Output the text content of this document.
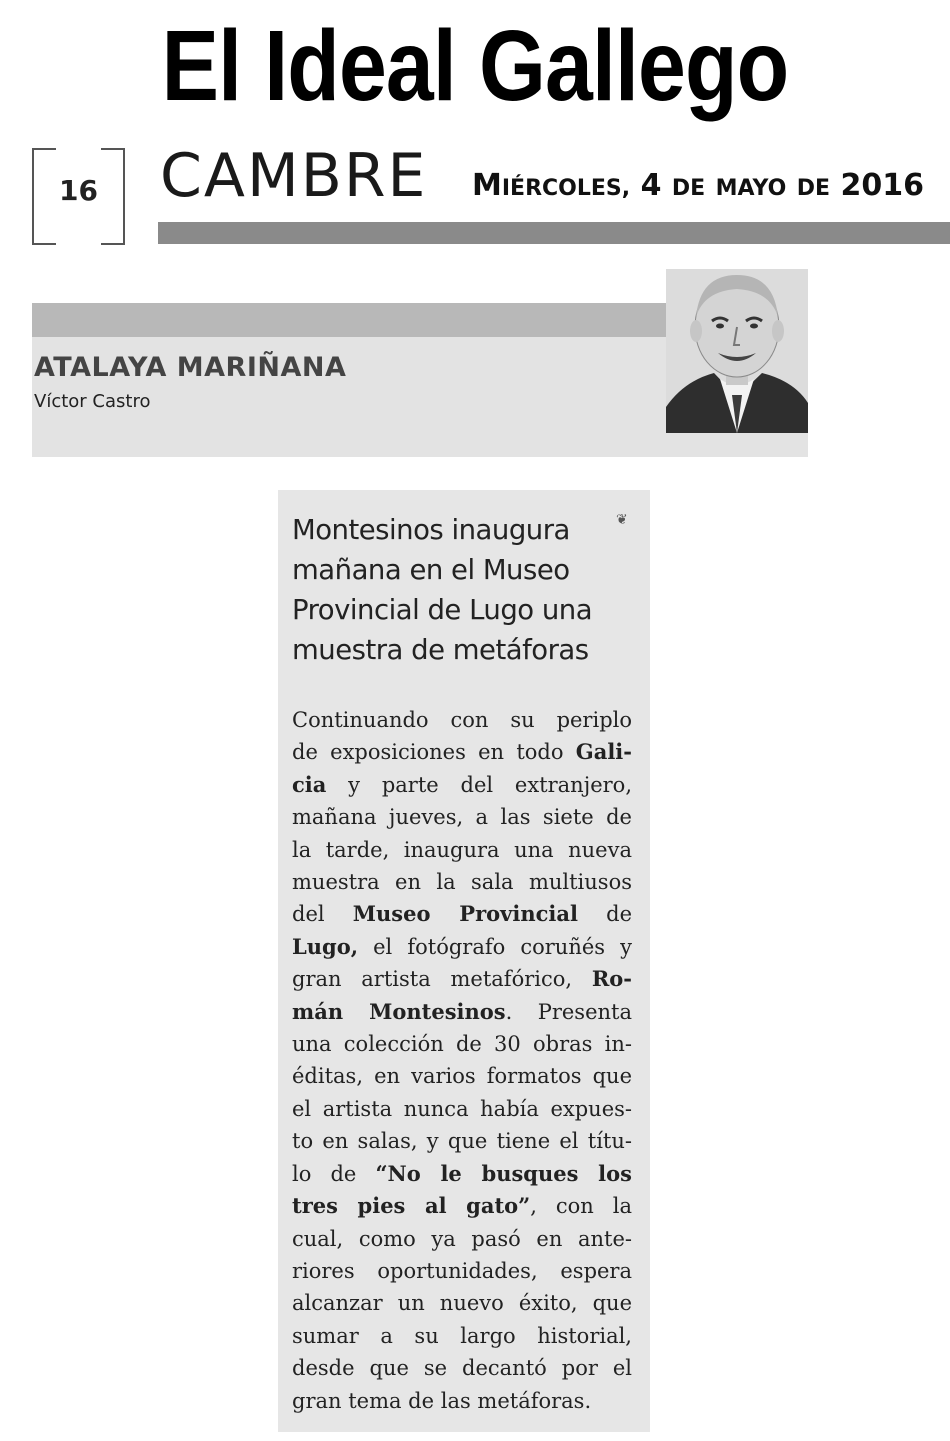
El Ideal Gallego
16	CAMBRE MIÉRCOLES, 4 DE MAYO DE 2016
ATALAYA MARIÑANA
Víctor Castro
❦
Montesinos inaugura
mañana en el Museo
Provincial de Lugo una
muestra de metáforas
Continuando con su periplo
de exposiciones en todo Gali-
cia y parte del extranjero,
mañana jueves, a las siete de
la tarde, inaugura una nueva
muestra en la sala multiusos
del Museo Provincial de
Lugo, el fotógrafo coruñés y
gran artista metafórico, Ro-
mán Montesinos. Presenta
una colección de 30 obras in-
éditas, en varios formatos que
el artista nunca había expues-
to en salas, y que tiene el títu-
lo de “No le busques los
tres pies al gato”, con la
cual, como ya pasó en ante-
riores oportunidades, espera
alcanzar un nuevo éxito, que
sumar a su largo historial,
desde que se decantó por el
gran tema de las metáforas.
